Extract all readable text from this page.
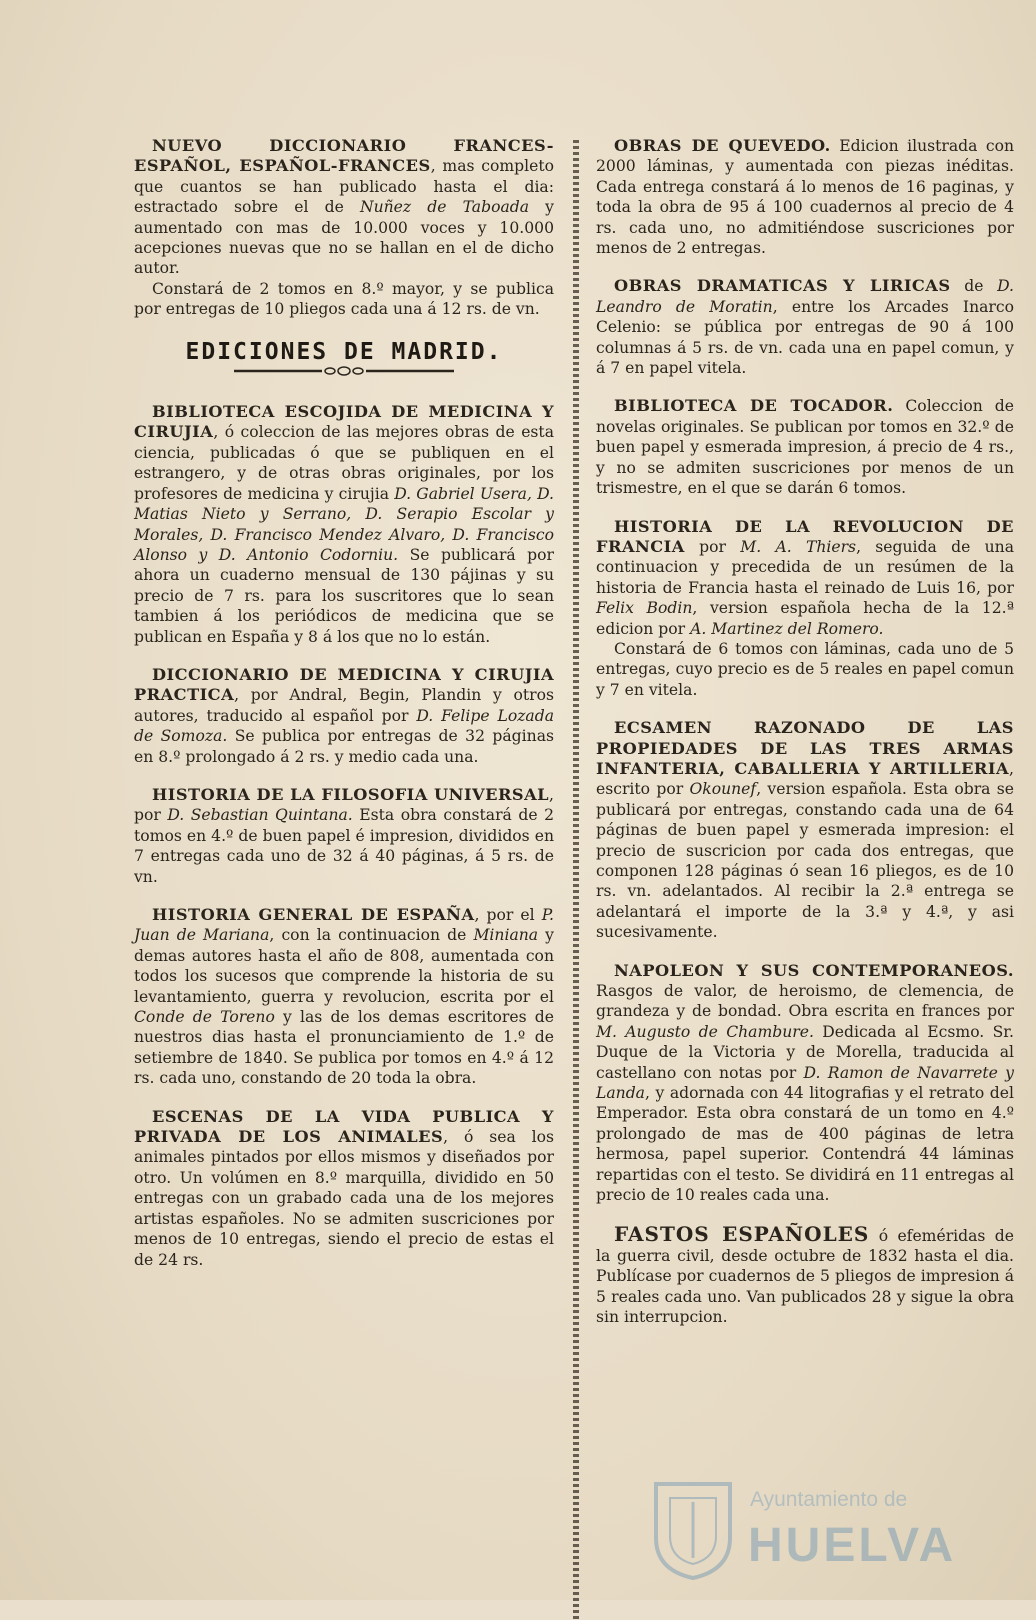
NUEVO DICCIONARIO FRANCES-ESPAÑOL, ESPAÑOL-FRANCES, mas completo que cuantos se han publicado hasta el dia: estractado sobre el de Nuñez de Taboada y aumentado con mas de 10.000 voces y 10.000 acepciones nuevas que no se hallan en el de dicho autor.

Constará de 2 tomos en 8.º mayor, y se publica por entregas de 10 pliegos cada una á 12 rs. de vn.

EDICIONES DE MADRID.

BIBLIOTECA ESCOJIDA DE MEDICINA Y CIRUJIA, ó coleccion de las mejores obras de esta ciencia, publicadas ó que se publiquen en el estrangero, y de otras obras originales, por los profesores de medicina y cirujia D. Gabriel Usera, D. Matias Nieto y Serrano, D. Serapio Escolar y Morales, D. Francisco Mendez Alvaro, D. Francisco Alonso y D. Antonio Codorniu. Se publicará por ahora un cuaderno mensual de 130 pájinas y su precio de 7 rs. para los suscritores que lo sean tambien á los periódicos de medicina que se publican en España y 8 á los que no lo están.

DICCIONARIO DE MEDICINA Y CIRUJIA PRACTICA, por Andral, Begin, Plandin y otros autores, traducido al español por D. Felipe Lozada de Somoza. Se publica por entregas de 32 páginas en 8.º prolongado á 2 rs. y medio cada una.

HISTORIA DE LA FILOSOFIA UNIVERSAL, por D. Sebastian Quintana. Esta obra constará de 2 tomos en 4.º de buen papel é impresion, divididos en 7 entregas cada uno de 32 á 40 páginas, á 5 rs. de vn.

HISTORIA GENERAL DE ESPAÑA, por el P. Juan de Mariana, con la continuacion de Miniana y demas autores hasta el año de 808, aumentada con todos los sucesos que comprende la historia de su levantamiento, guerra y revolucion, escrita por el Conde de Toreno y las de los demas escritores de nuestros dias hasta el pronunciamiento de 1.º de setiembre de 1840. Se publica por tomos en 4.º á 12 rs. cada uno, constando de 20 toda la obra.

ESCENAS DE LA VIDA PUBLICA Y PRIVADA DE LOS ANIMALES, ó sea los animales pintados por ellos mismos y diseñados por otro. Un volúmen en 8.º marquilla, dividido en 50 entregas con un grabado cada una de los mejores artistas españoles. No se admiten suscriciones por menos de 10 entregas, siendo el precio de estas el de 24 rs.

OBRAS DE QUEVEDO. Edicion ilustrada con 2000 láminas, y aumentada con piezas inéditas. Cada entrega constará á lo menos de 16 paginas, y toda la obra de 95 á 100 cuadernos al precio de 4 rs. cada uno, no admitiéndose suscriciones por menos de 2 entregas.

OBRAS DRAMATICAS Y LIRICAS de D. Leandro de Moratin, entre los Arcades Inarco Celenio: se pública por entregas de 90 á 100 columnas á 5 rs. de vn. cada una en papel comun, y á 7 en papel vitela.

BIBLIOTECA DE TOCADOR. Coleccion de novelas originales. Se publican por tomos en 32.º de buen papel y esmerada impresion, á precio de 4 rs., y no se admiten suscriciones por menos de un trismestre, en el que se darán 6 tomos.

HISTORIA DE LA REVOLUCION DE FRANCIA por M. A. Thiers, seguida de una continuacion y precedida de un resúmen de la historia de Francia hasta el reinado de Luis 16, por Felix Bodin, version española hecha de la 12.ª edicion por A. Martinez del Romero.

Constará de 6 tomos con láminas, cada uno de 5 entregas, cuyo precio es de 5 reales en papel comun y 7 en vitela.

ECSAMEN RAZONADO DE LAS PROPIEDADES DE LAS TRES ARMAS INFANTERIA, CABALLERIA Y ARTILLERIA, escrito por Okounef, version española. Esta obra se publicará por entregas, constando cada una de 64 páginas de buen papel y esmerada impresion: el precio de suscricion por cada dos entregas, que componen 128 páginas ó sean 16 pliegos, es de 10 rs. vn. adelantados. Al recibir la 2.ª entrega se adelantará el importe de la 3.ª y 4.ª, y asi sucesivamente.

NAPOLEON Y SUS CONTEMPORANEOS. Rasgos de valor, de heroismo, de clemencia, de grandeza y de bondad. Obra escrita en frances por M. Augusto de Chambure. Dedicada al Ecsmo. Sr. Duque de la Victoria y de Morella, traducida al castellano con notas por D. Ramon de Navarrete y Landa, y adornada con 44 litografias y el retrato del Emperador. Esta obra constará de un tomo en 4.º prolongado de mas de 400 páginas de letra hermosa, papel superior. Contendrá 44 láminas repartidas con el testo. Se dividirá en 11 entregas al precio de 10 reales cada una.

FASTOS ESPAÑOLES ó efeméridas de la guerra civil, desde octubre de 1832 hasta el dia. Publícase por cuadernos de 5 pliegos de impresion á 5 reales cada uno. Van publicados 28 y sigue la obra sin interrupcion.

Ayuntamiento de
HUELVA
